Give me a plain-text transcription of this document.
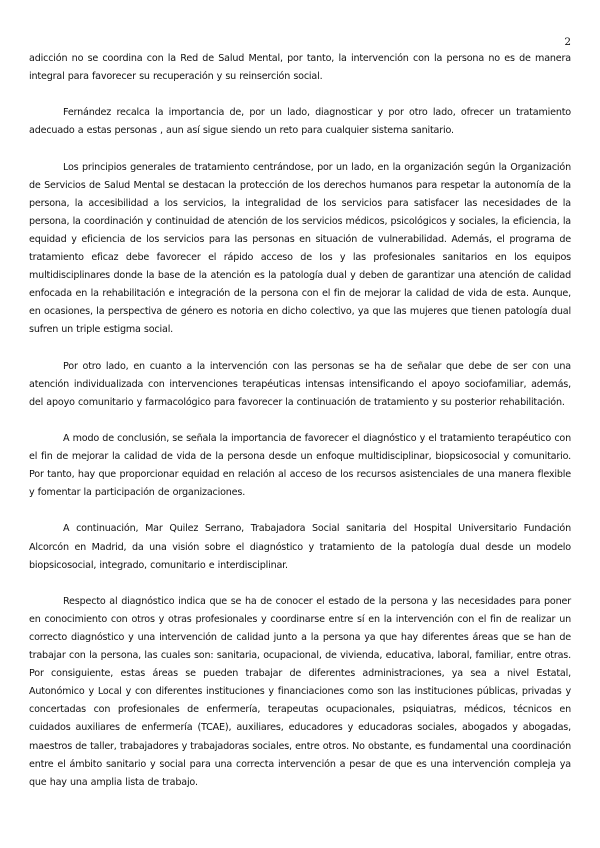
2

adicción no se coordina con la Red de Salud Mental, por tanto, la intervención con la persona no es de manera integral para favorecer su recuperación y su reinserción social.

Fernández recalca la importancia de, por un lado, diagnosticar y por otro lado, ofrecer un tratamiento adecuado a estas personas , aun así sigue siendo un reto para cualquier sistema sanitario.

Los principios generales de tratamiento centrándose, por un lado, en la organización según la Organización de Servicios de Salud Mental se destacan la protección de los derechos humanos para respetar la autonomía de la persona, la accesibilidad a los servicios, la integralidad de los servicios para satisfacer las necesidades de la persona, la coordinación y continuidad de atención de los servicios médicos, psicológicos y sociales, la eficiencia, la equidad y eficiencia de los servicios para las personas en situación de vulnerabilidad. Además, el programa de tratamiento eficaz debe favorecer el rápido acceso de los y las profesionales sanitarios en los equipos multidisciplinares donde la base de la atención es la patología dual y deben de garantizar una atención de calidad enfocada en la rehabilitación e integración de la persona con el fin de mejorar la calidad de vida de esta. Aunque, en ocasiones, la perspectiva de género es notoria en dicho colectivo, ya que las mujeres que tienen patología dual sufren un triple estigma social.

Por otro lado, en cuanto a la intervención con las personas se ha de señalar que debe de ser con una atención individualizada con intervenciones terapéuticas intensas intensificando el apoyo sociofamiliar, además, del apoyo comunitario y farmacológico para favorecer la continuación de tratamiento y su posterior rehabilitación.

A modo de conclusión, se señala la importancia de favorecer el diagnóstico y el tratamiento terapéutico con el fin de mejorar la calidad de vida de la persona desde un enfoque multidisciplinar, biopsicosocial y comunitario. Por tanto, hay que proporcionar equidad en relación al acceso de los recursos asistenciales de una manera flexible y fomentar la participación de organizaciones.

A continuación, Mar Quilez Serrano, Trabajadora Social sanitaria del Hospital Universitario Fundación Alcorcón en Madrid, da una visión sobre el diagnóstico y tratamiento de la patología dual desde un modelo biopsicosocial, integrado, comunitario e interdisciplinar.

Respecto al diagnóstico indica que se ha de conocer el estado de la persona y las necesidades para poner en conocimiento con otros y otras profesionales y coordinarse entre sí en la intervención con el fin de realizar un correcto diagnóstico y una intervención de calidad junto a la persona ya que hay diferentes áreas que se han de trabajar con la persona, las cuales son: sanitaria, ocupacional, de vivienda, educativa, laboral, familiar, entre otras. Por consiguiente, estas áreas se pueden trabajar de diferentes administraciones, ya sea a nivel Estatal, Autonómico y Local y con diferentes instituciones y financiaciones como son las instituciones públicas, privadas y concertadas con profesionales de enfermería, terapeutas ocupacionales, psiquiatras, médicos, técnicos en cuidados auxiliares de enfermería (TCAE), auxiliares, educadores y educadoras sociales, abogados y abogadas, maestros de taller, trabajadores y trabajadoras sociales, entre otros. No obstante, es fundamental una coordinación entre el ámbito sanitario y social para una correcta intervención a pesar de que es una intervención compleja ya que hay una amplia lista de trabajo.
